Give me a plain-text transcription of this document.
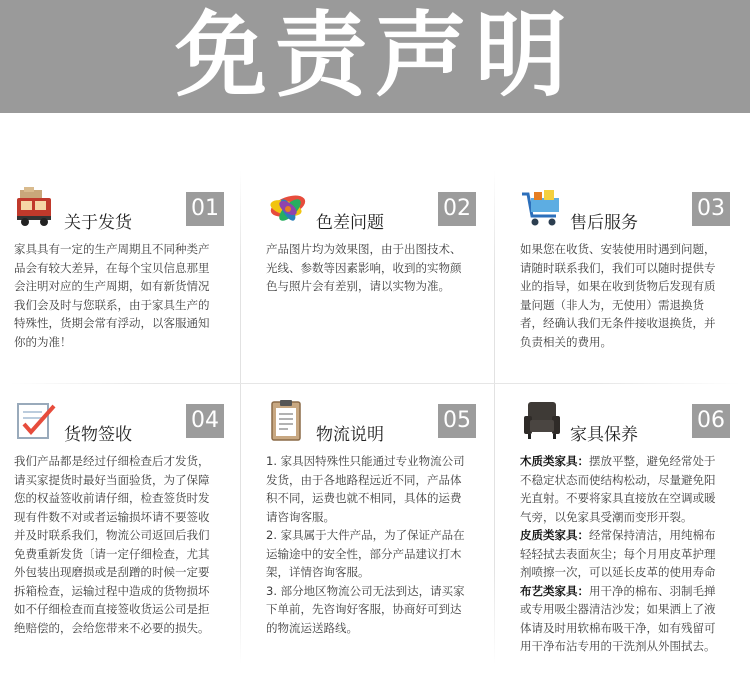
免责声明
关于发货
01

家具具有一定的生产周期且不同种类产品会有较大差异，在每个宝贝信息那里会注明对应的生产周期，如有新货情况我们会及时与您联系，由于家具生产的特殊性，货期会常有浮动，以客服通知你的为准！

色差问题
02

产品图片均为效果图，由于出图技术、光线、参数等因素影响，收到的实物颜色与照片会有差别，请以实物为准。

售后服务
03

如果您在收货、安装使用时遇到问题，请随时联系我们，我们可以随时提供专业的指导，如果在收到货物后发现有质量问题（非人为，无使用）需退换货者，经确认我们无条件接收退换货，并负责相关的费用。

货物签收
04

我们产品都是经过仔细检查后才发货，请买家提货时最好当面验货，为了保障您的权益签收前请仔细，检查签货时发现有件数不对或者运输损坏请不要签收并及时联系我们，物流公司返回后我们免费重新发货〔请一定仔细检查，尤其外包装出现磨损或是刮蹭的时候一定要拆箱检查，运输过程中造成的货物损坏如不仔细检查而直接签收货运公司是拒绝赔偿的，会给您带来不必要的损失。

物流说明
05

1. 家具因特殊性只能通过专业物流公司发货，由于各地路程远近不同，产品体积不同，运费也就不相同，具体的运费请咨询客服。

2. 家具属于大件产品，为了保证产品在运输途中的安全性，部分产品建议打木架，详情咨询客服。

3. 部分地区物流公司无法到达，请买家下单前，先咨询好客服，协商好可到达的物流运送路线。

家具保养
06

木质类家具：摆放平整，避免经常处于不稳定状态而使结构松动，尽量避免阳光直射。不要将家具直接放在空调或暖气旁，以免家具受潮而变形开裂。

皮质类家具：经常保持清洁，用纯棉布轻轻拭去表面灰尘；每个月用皮革护理剂喷擦一次，可以延长皮革的使用寿命

布艺类家具：用干净的棉布、羽制毛掸或专用吸尘器清洁沙发；如果洒上了液体请及时用软棉布吸干净，如有残留可用干净布沾专用的干洗剂从外围拭去。
